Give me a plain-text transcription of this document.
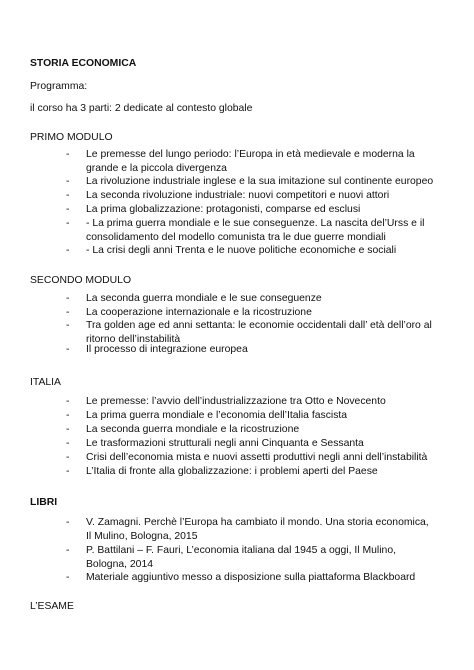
STORIA ECONOMICA
Programma:
il corso ha 3 parti: 2 dedicate al contesto globale
PRIMO MODULO
-	Le premesse del lungo periodo: l’Europa in età medievale e moderna la grande e la piccola divergenza
-	La rivoluzione industriale inglese e la sua imitazione sul continente europeo
-	La seconda rivoluzione industriale: nuovi competitori e nuovi attori
-	La prima globalizzazione: protagonisti, comparse ed esclusi
-	- La prima guerra mondiale e le sue conseguenze. La nascita del’Urss e il consolidamento del modello comunista tra le due guerre mondiali
-	- La crisi degli anni Trenta e le nuove politiche economiche e sociali
SECONDO MODULO
-	La seconda guerra mondiale e le sue conseguenze
-	La cooperazione internazionale e la ricostruzione
-	Tra golden age ed anni settanta: le economie occidentali dall’ età dell’oro al ritorno dell’instabilità
-	Il processo di integrazione europea
ITALIA
-	Le premesse: l’avvio dell’industrializzazione tra Otto e Novecento
-	La prima guerra mondiale e l’economia dell’Italia fascista
-	La seconda guerra mondiale e la ricostruzione
-	Le trasformazioni strutturali negli anni Cinquanta e Sessanta
-	Crisi dell’economia mista e nuovi assetti produttivi negli anni dell’instabilità
-	L’Italia di fronte alla globalizzazione: i problemi aperti del Paese
LIBRI
-	V. Zamagni. Perchè l’Europa ha cambiato il mondo. Una storia economica, Il Mulino, Bologna, 2015
-	P. Battilani – F. Fauri, L’economia italiana dal 1945 a oggi, Il Mulino, Bologna, 2014
-	Materiale aggiuntivo messo a disposizione sulla piattaforma Blackboard
L’ESAME
